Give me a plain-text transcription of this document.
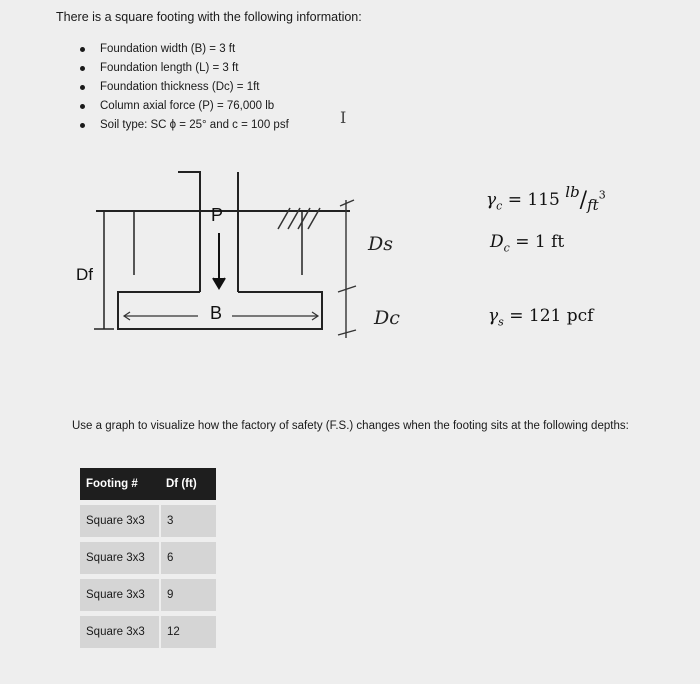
There is a square footing with the following information:
Foundation width (B) = 3 ft
Foundation length (L) = 3 ft
Foundation thickness (Dc) = 1ft
Column axial force (P) = 76,000 lb
Soil type: SC ϕ = 25° and c = 100 psf	I
P
B
Df
Ds
Dc
$\gamma_c = 115$ $lb/ft^3$
$D_c = 1$ ft
$\gamma_s = 121$ pcf
Use a graph to visualize how the factory of safety (F.S.) changes when the footing sits at the following depths:
Footing #	Df (ft)
Square 3x3	3
Square 3x3	6
Square 3x3	9
Square 3x3	12
